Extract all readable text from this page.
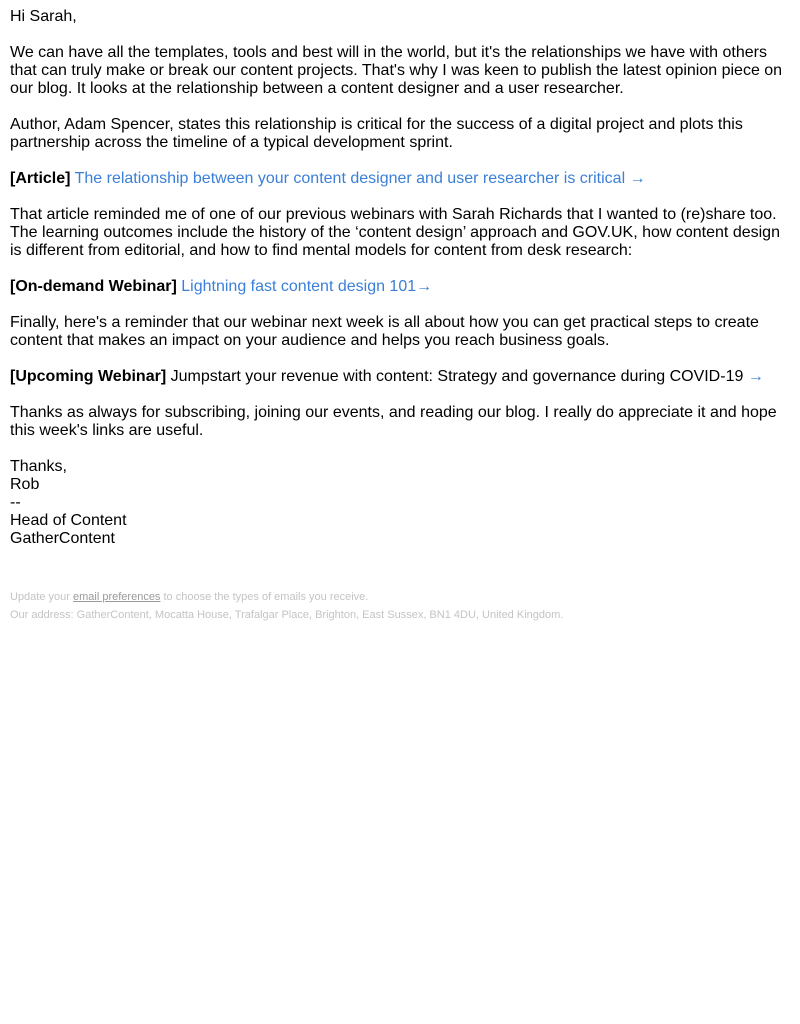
Hi Sarah,

We can have all the templates, tools and best will in the world, but it's the relationships we have with others that can truly make or break our content projects. That's why I was keen to publish the latest opinion piece on our blog. It looks at the relationship between a content designer and a user researcher.

Author, Adam Spencer, states this relationship is critical for the success of a digital project and plots this partnership across the timeline of a typical development sprint.

[Article] The relationship between your content designer and user researcher is critical →

That article reminded me of one of our previous webinars with Sarah Richards that I wanted to (re)share too. The learning outcomes include the history of the ‘content design’ approach and GOV.UK, how content design is different from editorial, and how to find mental models for content from desk research:

[On-demand Webinar] Lightning fast content design 101→

Finally, here's a reminder that our webinar next week is all about how you can get practical steps to create content that makes an impact on your audience and helps you reach business goals.

[Upcoming Webinar] Jumpstart your revenue with content: Strategy and governance during COVID-19 →

Thanks as always for subscribing, joining our events, and reading our blog. I really do appreciate it and hope this week's links are useful.

Thanks,
Rob
--
Head of Content
GatherContent
Update your email preferences to choose the types of emails you receive.
Our address: GatherContent, Mocatta House, Trafalgar Place, Brighton, East Sussex, BN1 4DU, United Kingdom.
